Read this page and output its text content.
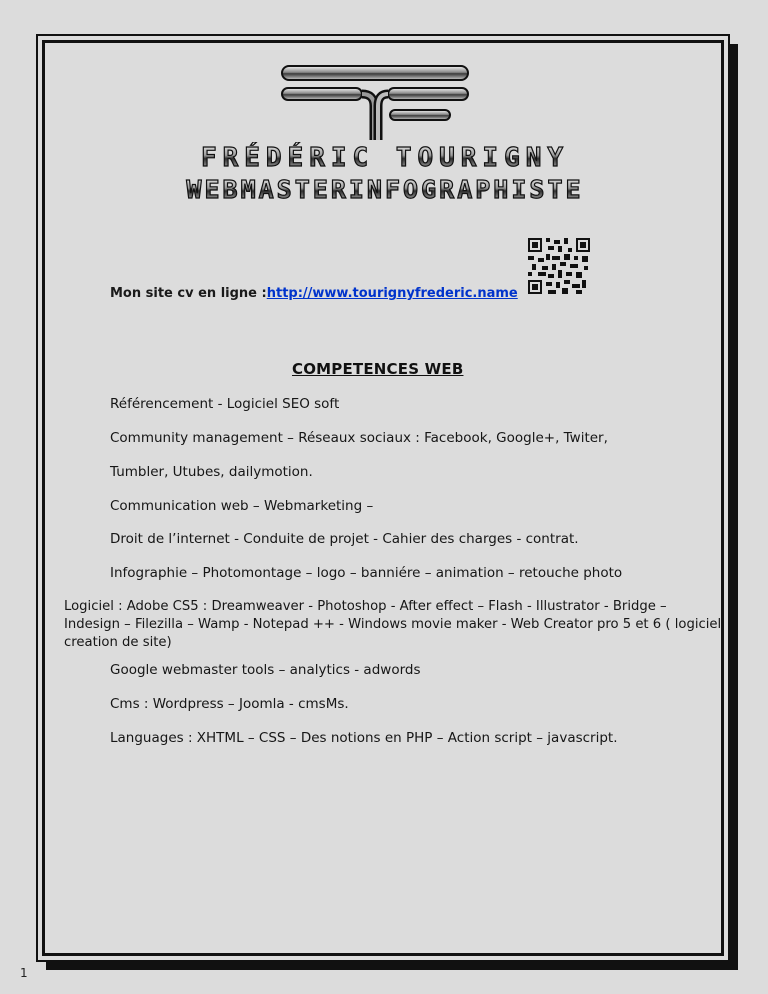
FRÉDÉRIC TOURIGNY
WEBMASTERINFOGRAPHISTE
Mon site cv en ligne :http://www.tourignyfrederic.name
COMPETENCES WEB
Référencement - Logiciel SEO soft
Community management – Réseaux sociaux : Facebook, Google+, Twiter,
Tumbler, Utubes, dailymotion.
Communication web – Webmarketing –
Droit de l’internet - Conduite de projet - Cahier des charges - contrat.
Infographie – Photomontage – logo – banniére – animation – retouche photo
Logiciel : Adobe CS5 : Dreamweaver - Photoshop - After effect – Flash - Illustrator - Bridge – Indesign – Filezilla – Wamp - Notepad ++ - Windows movie maker - Web Creator pro 5 et 6 ( logiciel creation de site)
Google webmaster tools – analytics - adwords
Cms : Wordpress – Joomla - cmsMs.
Languages : XHTML – CSS – Des notions en PHP – Action script – javascript.
1
